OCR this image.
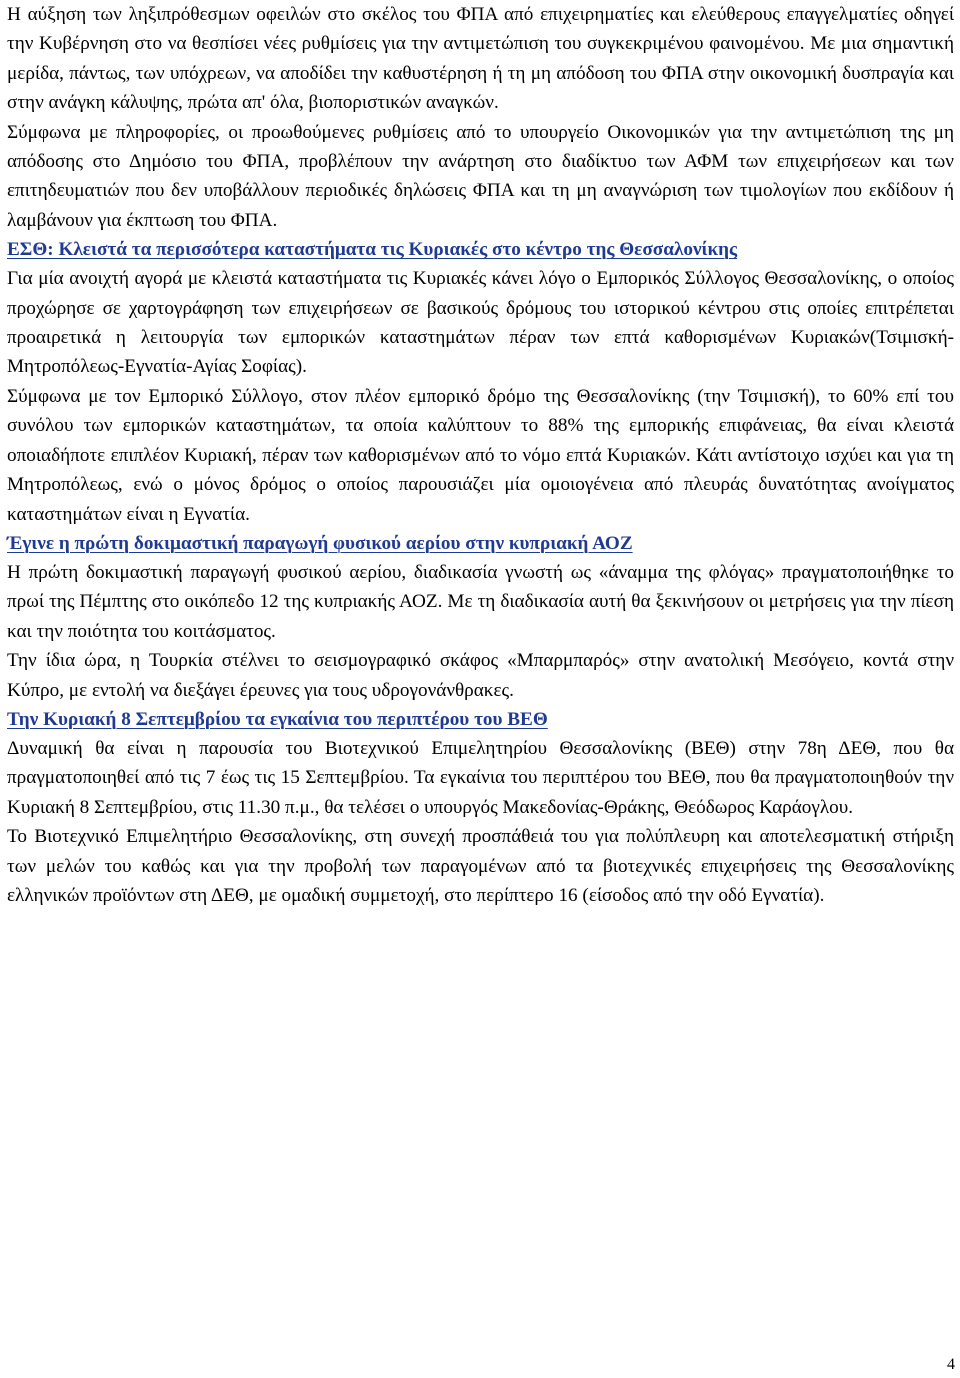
Η αύξηση των ληξιπρόθεσμων οφειλών στο σκέλος του ΦΠΑ από επιχειρηματίες και ελεύθερους επαγγελματίες οδηγεί την Κυβέρνηση στο να θεσπίσει νέες ρυθμίσεις για την αντιμετώπιση του συγκεκριμένου φαινομένου. Με μια σημαντική μερίδα, πάντως, των υπόχρεων, να αποδίδει την καθυστέρηση ή τη μη απόδοση του ΦΠΑ στην οικονομική δυσπραγία και στην ανάγκη κάλυψης, πρώτα απ' όλα, βιοποριστικών αναγκών.

Σύμφωνα με πληροφορίες, οι προωθούμενες ρυθμίσεις από το υπουργείο Οικονομικών για την αντιμετώπιση της μη απόδοσης στο Δημόσιο του ΦΠΑ, προβλέπουν την ανάρτηση στο διαδίκτυο των ΑΦΜ των επιχειρήσεων και των επιτηδευματιών που δεν υποβάλλουν περιοδικές δηλώσεις ΦΠΑ και τη μη αναγνώριση των τιμολογίων που εκδίδουν ή λαμβάνουν για έκπτωση του ΦΠΑ.

ΕΣΘ: Κλειστά τα περισσότερα καταστήματα τις Κυριακές στο κέντρο της Θεσσαλονίκης

Για μία ανοιχτή αγορά με κλειστά καταστήματα τις Κυριακές κάνει λόγο ο Εμπορικός Σύλλογος Θεσσαλονίκης, ο οποίος προχώρησε σε χαρτογράφηση των επιχειρήσεων σε βασικούς δρόμους του ιστορικού κέντρου στις οποίες επιτρέπεται προαιρετικά η λειτουργία των εμπορικών καταστημάτων πέραν των επτά καθορισμένων Κυριακών(Τσιμισκή-Μητροπόλεως-Εγνατία-Αγίας Σοφίας).

Σύμφωνα με τον Εμπορικό Σύλλογο, στον πλέον εμπορικό δρόμο της Θεσσαλονίκης (την Τσιμισκή), το 60% επί του συνόλου των εμπορικών καταστημάτων, τα οποία καλύπτουν το 88% της εμπορικής επιφάνειας, θα είναι κλειστά οποιαδήποτε επιπλέον Κυριακή, πέραν των καθορισμένων από το νόμο επτά Κυριακών. Κάτι αντίστοιχο ισχύει και για τη Μητροπόλεως, ενώ ο μόνος δρόμος ο οποίος παρουσιάζει μία ομοιογένεια από πλευράς δυνατότητας ανοίγματος καταστημάτων είναι η Εγνατία.

Έγινε η πρώτη δοκιμαστική παραγωγή φυσικού αερίου στην κυπριακή ΑΟΖ

Η πρώτη δοκιμαστική παραγωγή φυσικού αερίου, διαδικασία γνωστή ως «άναμμα της φλόγας» πραγματοποιήθηκε το πρωί της Πέμπτης στο οικόπεδο 12 της κυπριακής ΑΟΖ. Με τη διαδικασία αυτή θα ξεκινήσουν οι μετρήσεις για την πίεση και την ποιότητα του κοιτάσματος.

Την ίδια ώρα, η Τουρκία στέλνει το σεισμογραφικό σκάφος «Μπαρμπαρός» στην ανατολική Μεσόγειο, κοντά στην Κύπρο, με εντολή να διεξάγει έρευνες για τους υδρογονάνθρακες.

Την Κυριακή 8 Σεπτεμβρίου τα εγκαίνια του περιπτέρου του ΒΕΘ

Δυναμική θα είναι η παρουσία του Βιοτεχνικού Επιμελητηρίου Θεσσαλονίκης (ΒΕΘ) στην 78η ΔΕΘ, που θα πραγματοποιηθεί από τις 7 έως τις 15 Σεπτεμβρίου. Τα εγκαίνια του περιπτέρου του ΒΕΘ, που θα πραγματοποιηθούν την Κυριακή 8 Σεπτεμβρίου, στις 11.30 π.μ., θα τελέσει ο υπουργός Μακεδονίας-Θράκης, Θεόδωρος Καράογλου.

Το Βιοτεχνικό Επιμελητήριο Θεσσαλονίκης, στη συνεχή προσπάθειά του για πολύπλευρη και αποτελεσματική στήριξη των μελών του καθώς και για την προβολή των παραγομένων από τα βιοτεχνικές επιχειρήσεις της Θεσσαλονίκης ελληνικών προϊόντων στη ΔΕΘ, με ομαδική συμμετοχή, στο περίπτερο 16 (είσοδος από την οδό Εγνατία).

4
